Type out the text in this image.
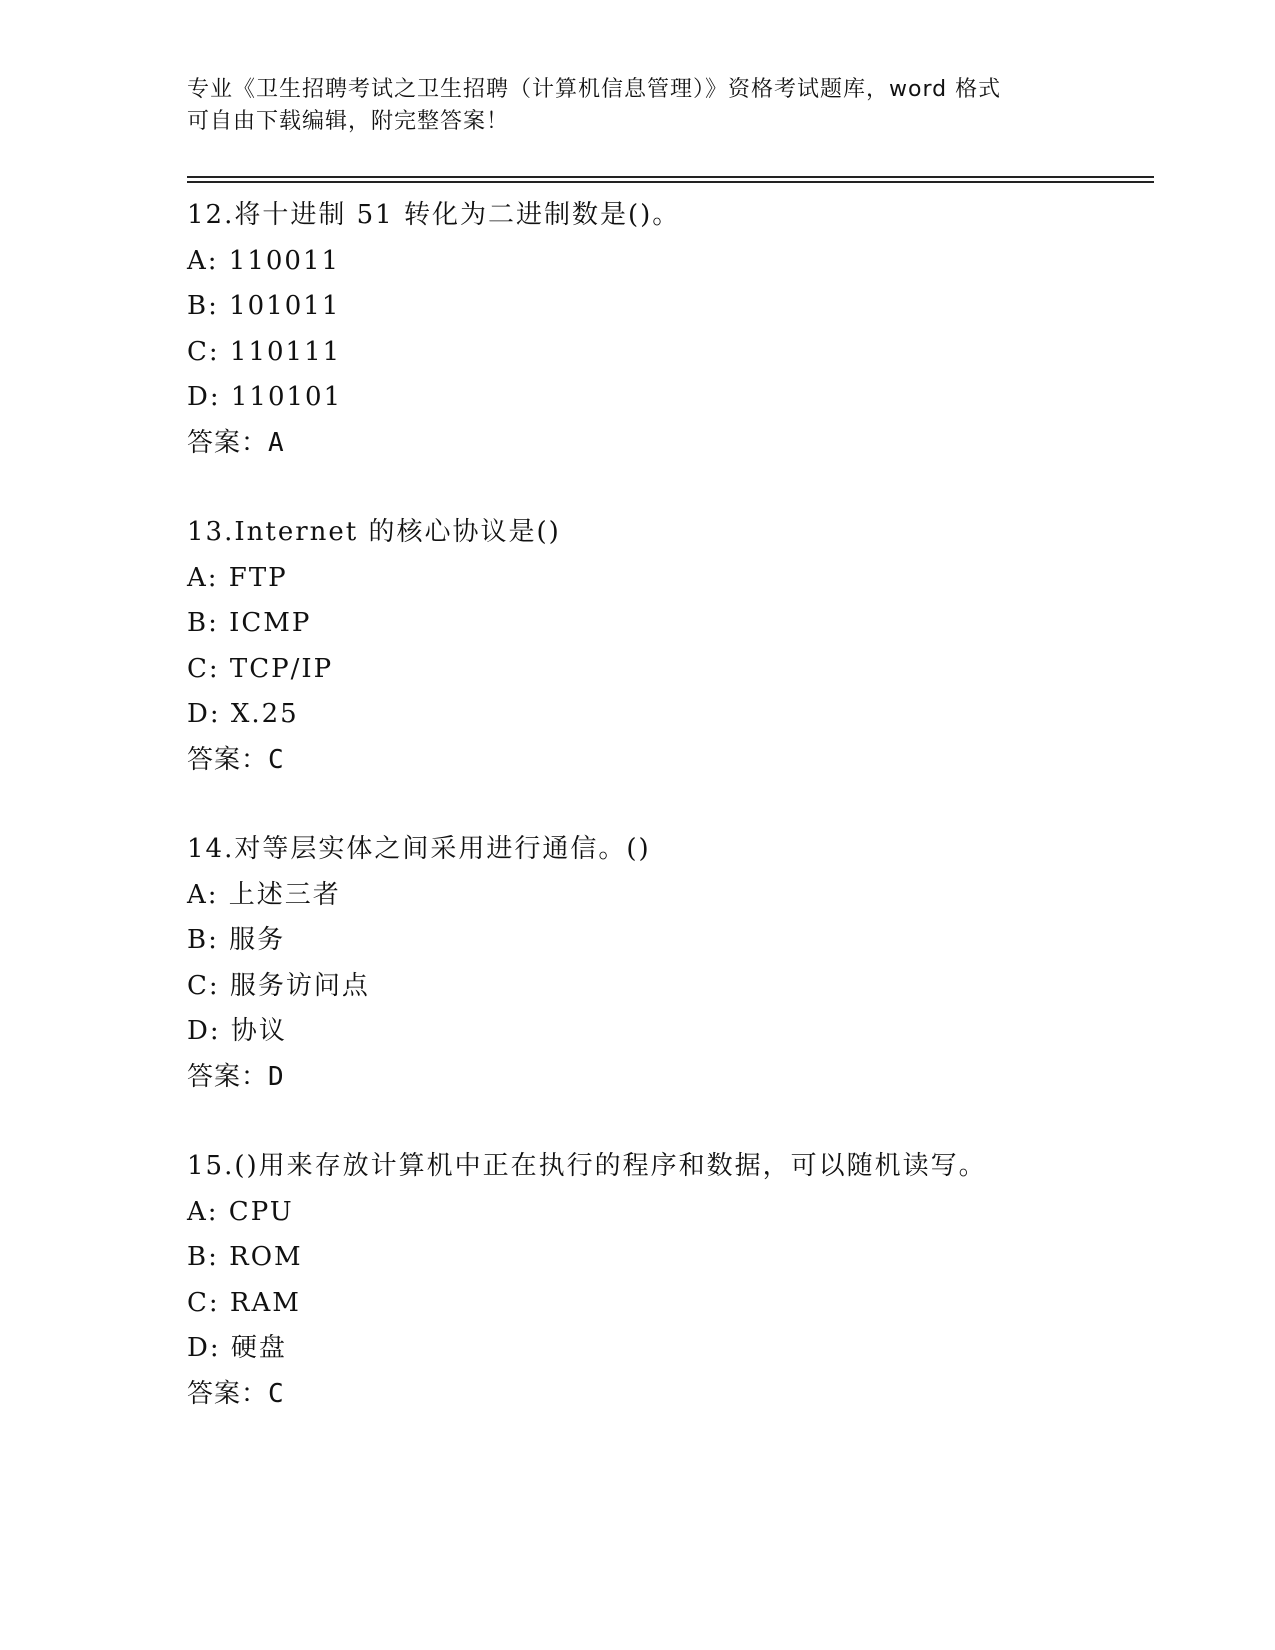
专业《卫生招聘考试之卫生招聘（计算机信息管理）》资格考试题库，word 格式
可自由下载编辑，附完整答案！
12.将十进制 51 转化为二进制数是()。
A: 110011
B: 101011
C: 110111
D: 110101
答案：A
13.Internet 的核心协议是()
A: FTP
B: ICMP
C: TCP/IP
D: X.25
答案：C
14.对等层实体之间采用进行通信。()
A: 上述三者
B: 服务
C: 服务访问点
D: 协议
答案：D
15.()用来存放计算机中正在执行的程序和数据，可以随机读写。
A: CPU
B: ROM
C: RAM
D: 硬盘
答案：C
